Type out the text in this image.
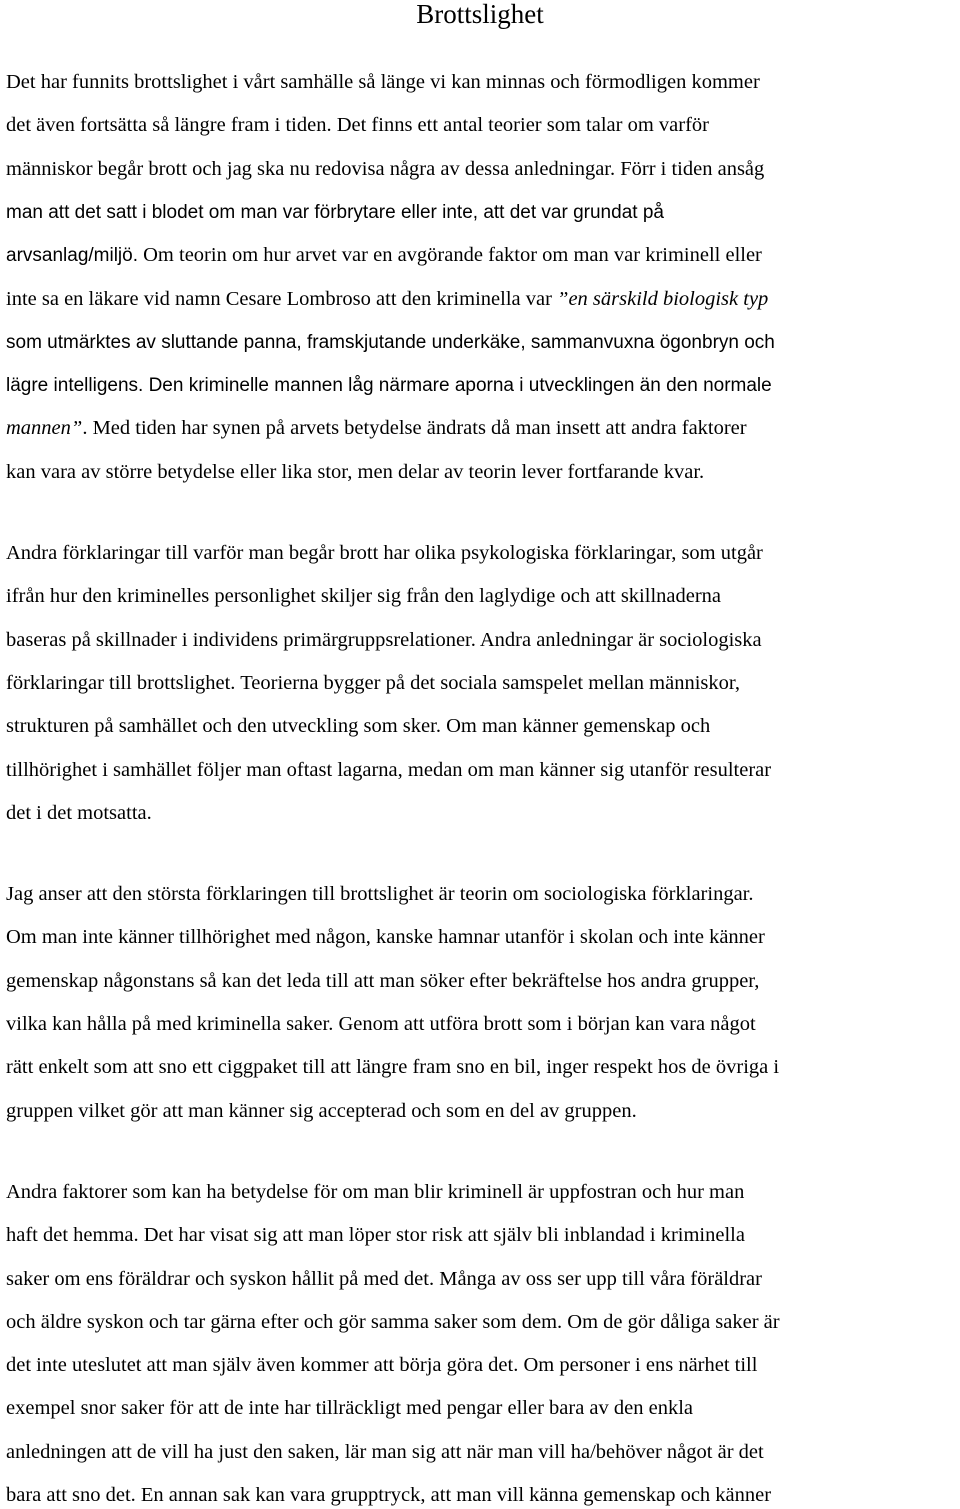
Brottslighet
Det har funnits brottslighet i vårt samhälle så länge vi kan minnas och förmodligen kommer
det även fortsätta så längre fram i tiden. Det finns ett antal teorier som talar om varför
människor begår brott och jag ska nu redovisa några av dessa anledningar. Förr i tiden ansåg
man att det satt i blodet om man var förbrytare eller inte, att det var grundat på
arvsanlag/miljö. Om teorin om hur arvet var en avgörande faktor om man var kriminell eller
inte sa en läkare vid namn Cesare Lombroso att den kriminella var ”en särskild biologisk typ
som utmärktes av sluttande panna, framskjutande underkäke, sammanvuxna ögonbryn och
lägre intelligens. Den kriminelle mannen låg närmare aporna i utvecklingen än den normale
mannen”. Med tiden har synen på arvets betydelse ändrats då man insett att andra faktorer
kan vara av större betydelse eller lika stor, men delar av teorin lever fortfarande kvar.
Andra förklaringar till varför man begår brott har olika psykologiska förklaringar, som utgår
ifrån hur den kriminelles personlighet skiljer sig från den laglydige och att skillnaderna
baseras på skillnader i individens primärgruppsrelationer. Andra anledningar är sociologiska
förklaringar till brottslighet. Teorierna bygger på det sociala samspelet mellan människor,
strukturen på samhället och den utveckling som sker. Om man känner gemenskap och
tillhörighet i samhället följer man oftast lagarna, medan om man känner sig utanför resulterar
det i det motsatta.
Jag anser att den största förklaringen till brottslighet är teorin om sociologiska förklaringar.
Om man inte känner tillhörighet med någon, kanske hamnar utanför i skolan och inte känner
gemenskap någonstans så kan det leda till att man söker efter bekräftelse hos andra grupper,
vilka kan hålla på med kriminella saker. Genom att utföra brott som i början kan vara något
rätt enkelt som att sno ett ciggpaket till att längre fram sno en bil, inger respekt hos de övriga i
gruppen vilket gör att man känner sig accepterad och som en del av gruppen.
Andra faktorer som kan ha betydelse för om man blir kriminell är uppfostran och hur man
haft det hemma. Det har visat sig att man löper stor risk att själv bli inblandad i kriminella
saker om ens föräldrar och syskon hållit på med det. Många av oss ser upp till våra föräldrar
och äldre syskon och tar gärna efter och gör samma saker som dem. Om de gör dåliga saker är
det inte uteslutet att man själv även kommer att börja göra det. Om personer i ens närhet till
exempel snor saker för att de inte har tillräckligt med pengar eller bara av den enkla
anledningen att de vill ha just den saken, lär man sig att när man vill ha/behöver något är det
bara att sno det. En annan sak kan vara grupptryck, att man vill känna gemenskap och känner
